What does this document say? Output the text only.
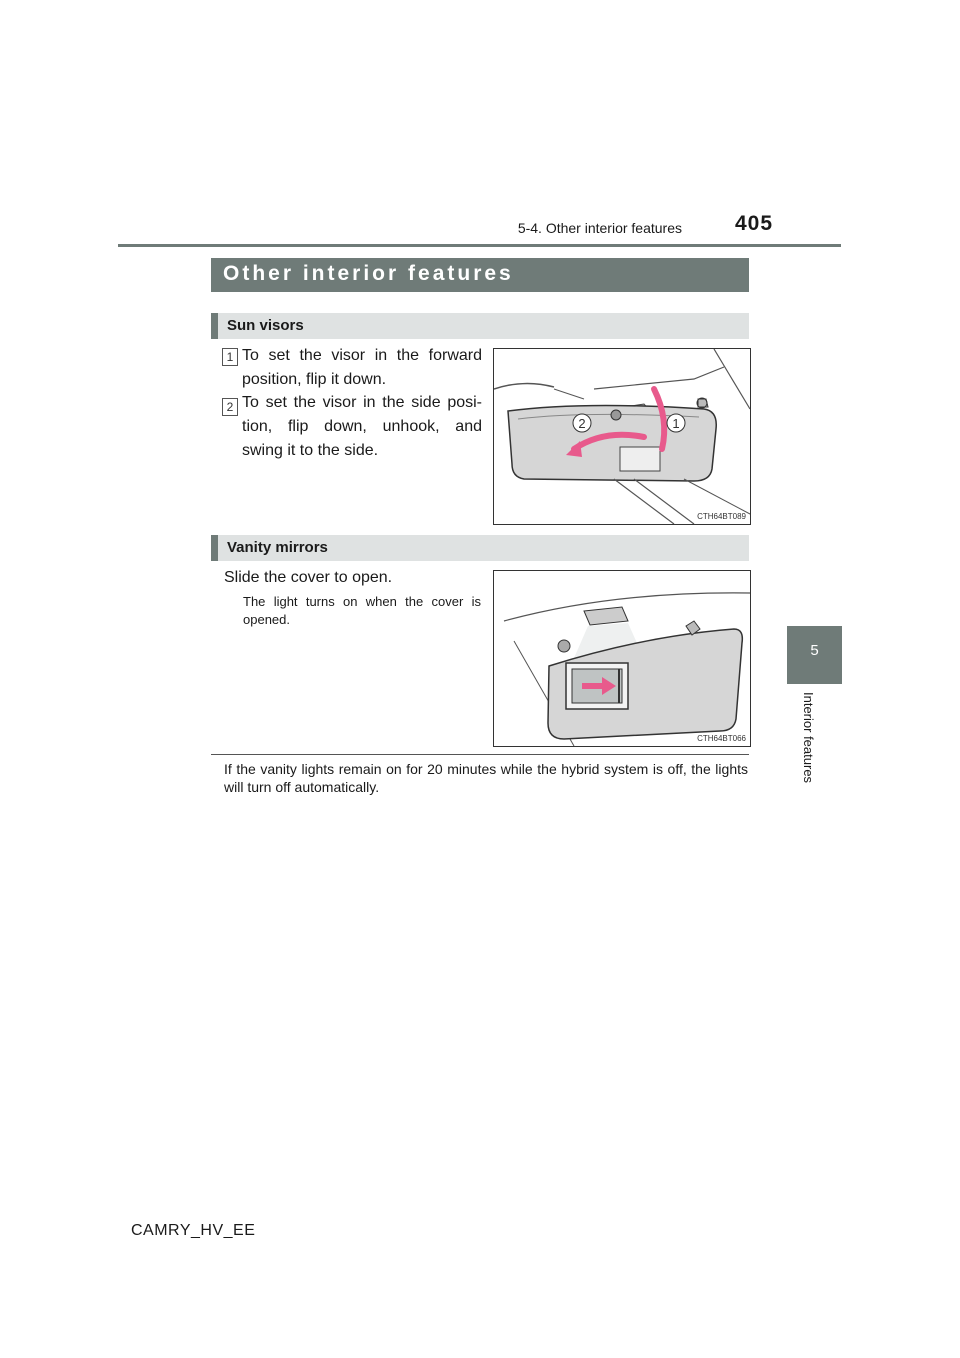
5-4. Other interior features	405
5
Interior features
Other interior features
Sun visors
1 To set the visor in the forward
position, flip it down.
2 To set the visor in the side posi-
tion, flip down, unhook, and
swing it to the side.
2	1
CTH64BT089
Vanity mirrors
Slide the cover to open.
The light turns on when the cover is opened.
CTH64BT066
If the vanity lights remain on for 20 minutes while the hybrid system is off, the lights will turn off automatically.
CAMRY_HV_EE
